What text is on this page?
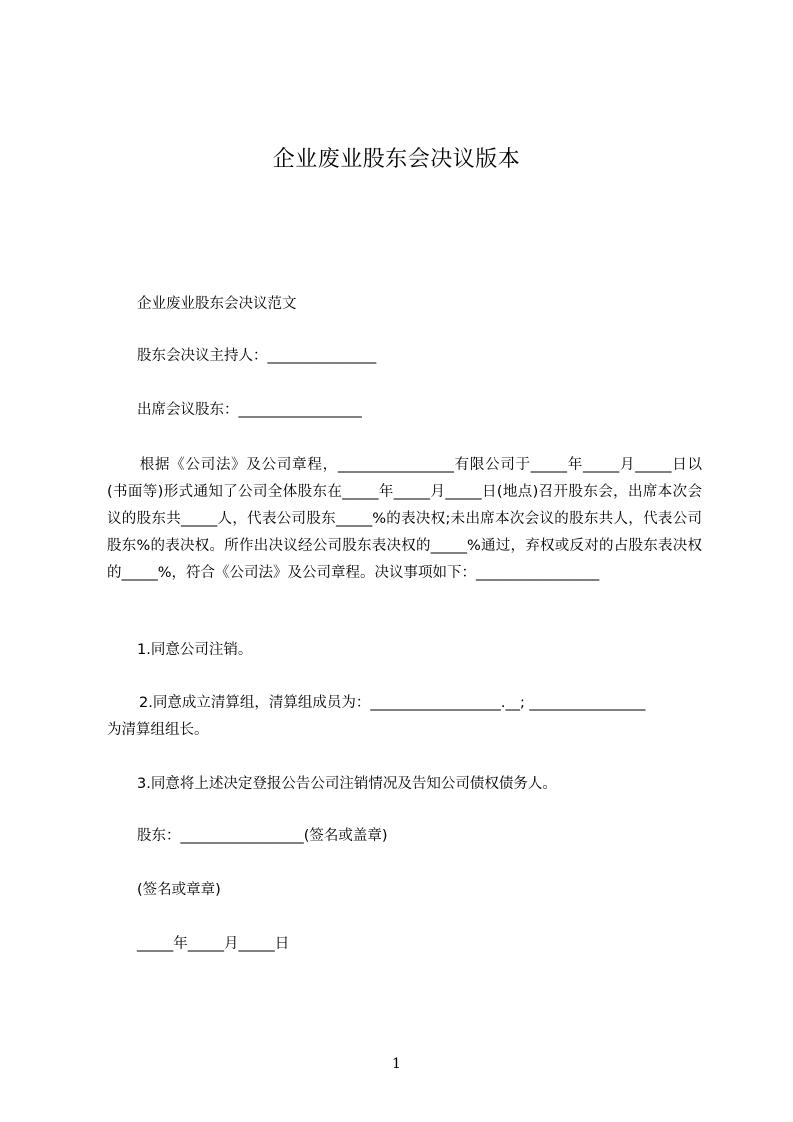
企业废业股东会决议版本
企业废业股东会决议范文
股东会决议主持人：_______________
出席会议股东：_________________
根据《公司法》及公司章程，________________有限公司于_____年_____月_____日以(书面等)形式通知了公司全体股东在_____年_____月_____日(地点)召开股东会，出席本次会议的股东共_____人，代表公司股东_____%的表决权;未出席本次会议的股东共人，代表公司股东%的表决权。所作出决议经公司股东表决权的_____%通过，弃权或反对的占股东表决权的_____%，符合《公司法》及公司章程。决议事项如下：_________________
1.同意公司注销。
2.同意成立清算组，清算组成员为：__________________.__; ________________
为清算组组长。
3.同意将上述决定登报公告公司注销情况及告知公司债权债务人。
股东：_________________(签名或盖章)
(签名或章章)
_____年_____月_____日
1
